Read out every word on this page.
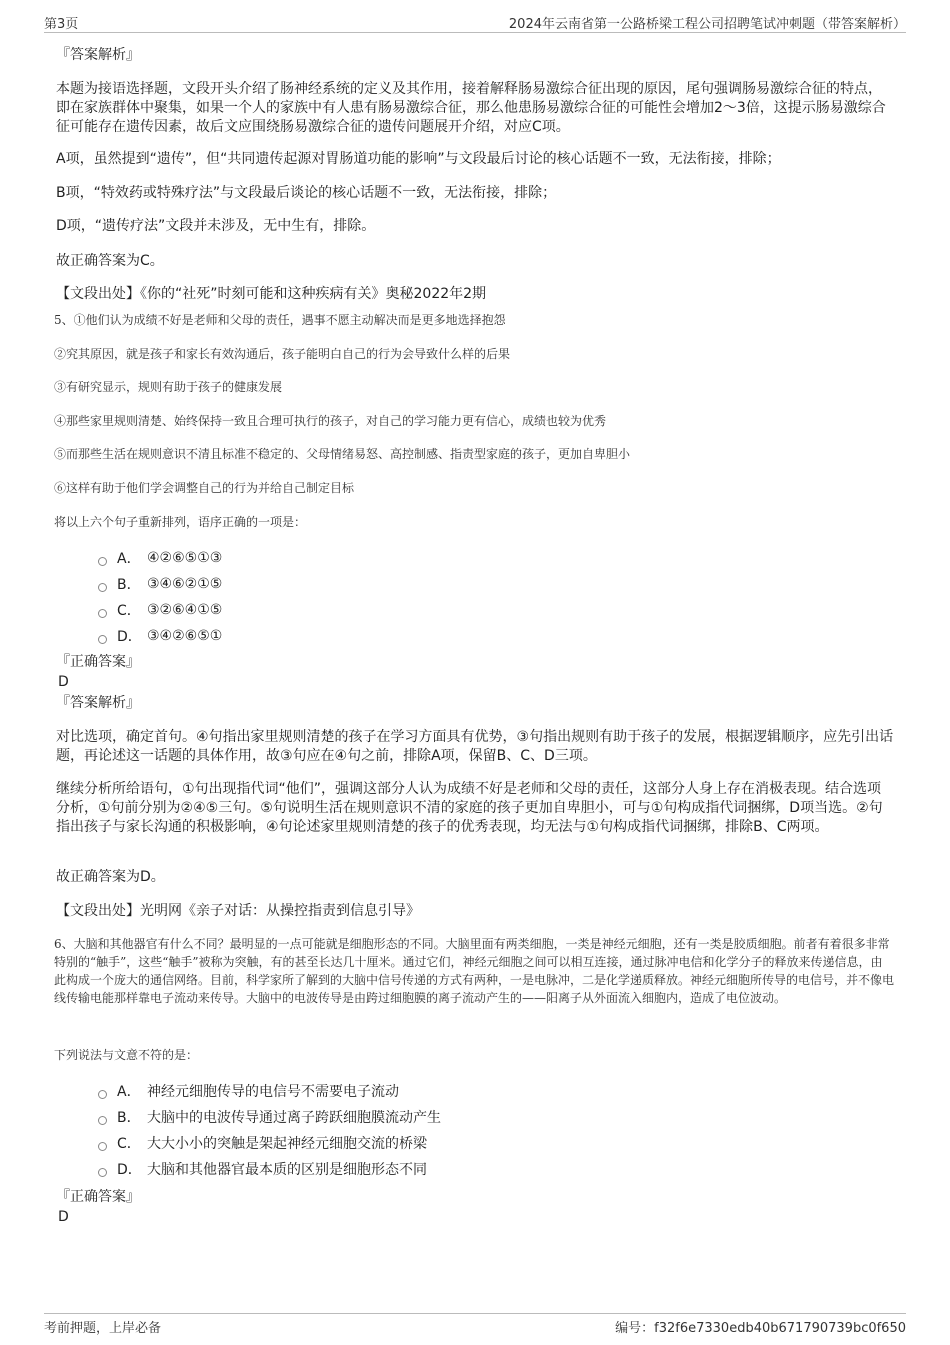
第3页	2024年云南省第一公路桥梁工程公司招聘笔试冲刺题（带答案解析）
『答案解析』
本题为接语选择题，文段开头介绍了肠神经系统的定义及其作用，接着解释肠易激综合征出现的原因，尾句强调肠易激综合征的特点，即在家族群体中聚集，如果一个人的家族中有人患有肠易激综合征，那么他患肠易激综合征的可能性会增加2～3倍，这提示肠易激综合征可能存在遗传因素，故后文应围绕肠易激综合征的遗传问题展开介绍，对应C项。
A项，虽然提到“遗传”，但“共同遗传起源对胃肠道功能的影响”与文段最后讨论的核心话题不一致，无法衔接，排除；
B项，“特效药或特殊疗法”与文段最后谈论的核心话题不一致，无法衔接，排除；
D项，“遗传疗法”文段并未涉及，无中生有，排除。
故正确答案为C。
【文段出处】《你的“社死”时刻可能和这种疾病有关》奥秘2022年2期
5、①他们认为成绩不好是老师和父母的责任，遇事不愿主动解决而是更多地选择抱怨
②究其原因，就是孩子和家长有效沟通后，孩子能明白自己的行为会导致什么样的后果
③有研究显示，规则有助于孩子的健康发展
④那些家里规则清楚、始终保持一致且合理可执行的孩子，对自己的学习能力更有信心，成绩也较为优秀
⑤而那些生活在规则意识不清且标准不稳定的、父母情绪易怒、高控制感、指责型家庭的孩子，更加自卑胆小
⑥这样有助于他们学会调整自己的行为并给自己制定目标
将以上六个句子重新排列，语序正确的一项是：
A． ④②⑥⑤①③
B． ③④⑥②①⑤
C． ③②⑥④①⑤
D． ③④②⑥⑤①
『正确答案』
D
『答案解析』
对比选项，确定首句。④句指出家里规则清楚的孩子在学习方面具有优势，③句指出规则有助于孩子的发展，根据逻辑顺序，应先引出话题，再论述这一话题的具体作用，故③句应在④句之前，排除A项，保留B、C、D三项。
继续分析所给语句，①句出现指代词“他们”，强调这部分人认为成绩不好是老师和父母的责任，这部分人身上存在消极表现。结合选项分析，①句前分别为②④⑤三句。⑤句说明生活在规则意识不清的家庭的孩子更加自卑胆小，可与①句构成指代词捆绑，D项当选。②句指出孩子与家长沟通的积极影响，④句论述家里规则清楚的孩子的优秀表现，均无法与①句构成指代词捆绑，排除B、C两项。
故正确答案为D。
【文段出处】光明网《亲子对话：从操控指责到信息引导》
6、大脑和其他器官有什么不同？最明显的一点可能就是细胞形态的不同。大脑里面有两类细胞，一类是神经元细胞，还有一类是胶质细胞。前者有着很多非常特别的“触手”，这些“触手”被称为突触，有的甚至长达几十厘米。通过它们，神经元细胞之间可以相互连接，通过脉冲电信和化学分子的释放来传递信息，由此构成一个庞大的通信网络。目前，科学家所了解到的大脑中信号传递的方式有两种，一是电脉冲，二是化学递质释放。神经元细胞所传导的电信号，并不像电线传输电能那样靠电子流动来传导。大脑中的电波传导是由跨过细胞膜的离子流动产生的——阳离子从外面流入细胞内，造成了电位波动。
下列说法与文意不符的是：
A． 神经元细胞传导的电信号不需要电子流动
B． 大脑中的电波传导通过离子跨跃细胞膜流动产生
C． 大大小小的突触是架起神经元细胞交流的桥梁
D． 大脑和其他器官最本质的区别是细胞形态不同
『正确答案』
D
考前押题，上岸必备	编号：f32f6e7330edb40b671790739bc0f650
